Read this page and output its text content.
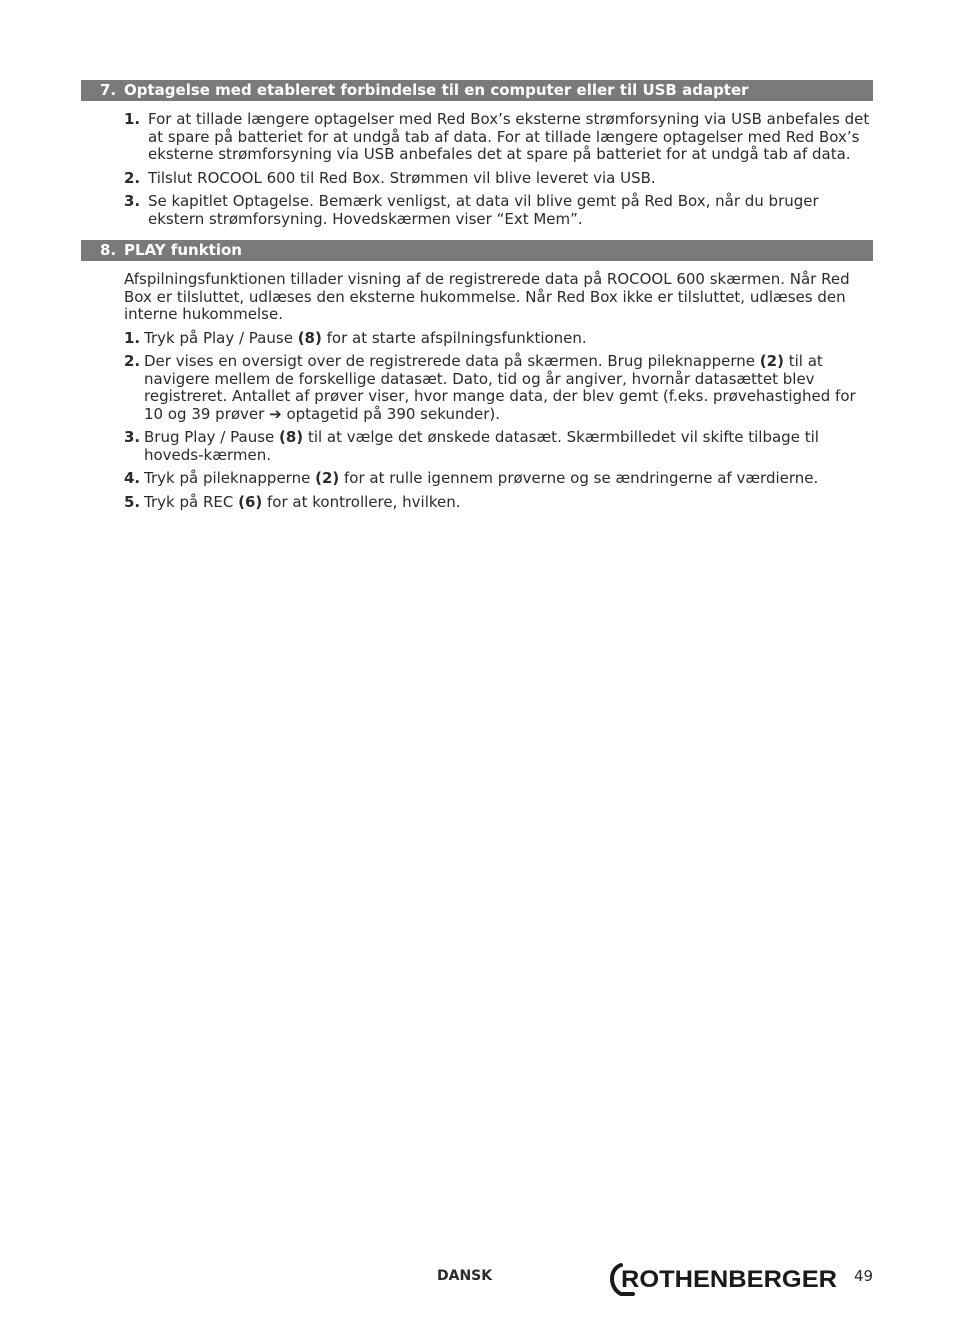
7. Optagelse med etableret forbindelse til en computer eller til USB adapter
1. For at tillade længere optagelser med Red Box’s eksterne strømforsyning via USB anbefales det at spare på batteriet for at undgå tab af data. For at tillade længere optagelser med Red Box’s eksterne strømforsyning via USB anbefales det at spare på batteriet for at undgå tab af data.
2. Tilslut ROCOOL 600 til Red Box. Strømmen vil blive leveret via USB.
3. Se kapitlet Optagelse. Bemærk venligst, at data vil blive gemt på Red Box, når du bruger ekstern strømforsyning. Hovedskærmen viser “Ext Mem”.
8. PLAY funktion
Afspilningsfunktionen tillader visning af de registrerede data på ROCOOL 600 skærmen. Når Red Box er tilsluttet, udlæses den eksterne hukommelse. Når Red Box ikke er tilsluttet, udlæses den interne hukommelse.
1. Tryk på Play / Pause (8) for at starte afspilningsfunktionen.
2. Der vises en oversigt over de registrerede data på skærmen. Brug pileknapperne (2) til at navigere mellem de forskellige datasæt. Dato, tid og år angiver, hvornår datasættet blev registreret. Antallet af prøver viser, hvor mange data, der blev gemt (f.eks. prøvehastighed for 10 og 39 prøver ➔ optagetid på 390 sekunder).
3. Brug Play / Pause (8) til at vælge det ønskede datasæt. Skærmbilledet vil skifte tilbage til hoveds-kærmen.
4. Tryk på pileknapperne (2) for at rulle igennem prøverne og se ændringerne af værdierne.
5. Tryk på REC (6) for at kontrollere, hvilken.
DANSK	ROTHENBERGER 49
